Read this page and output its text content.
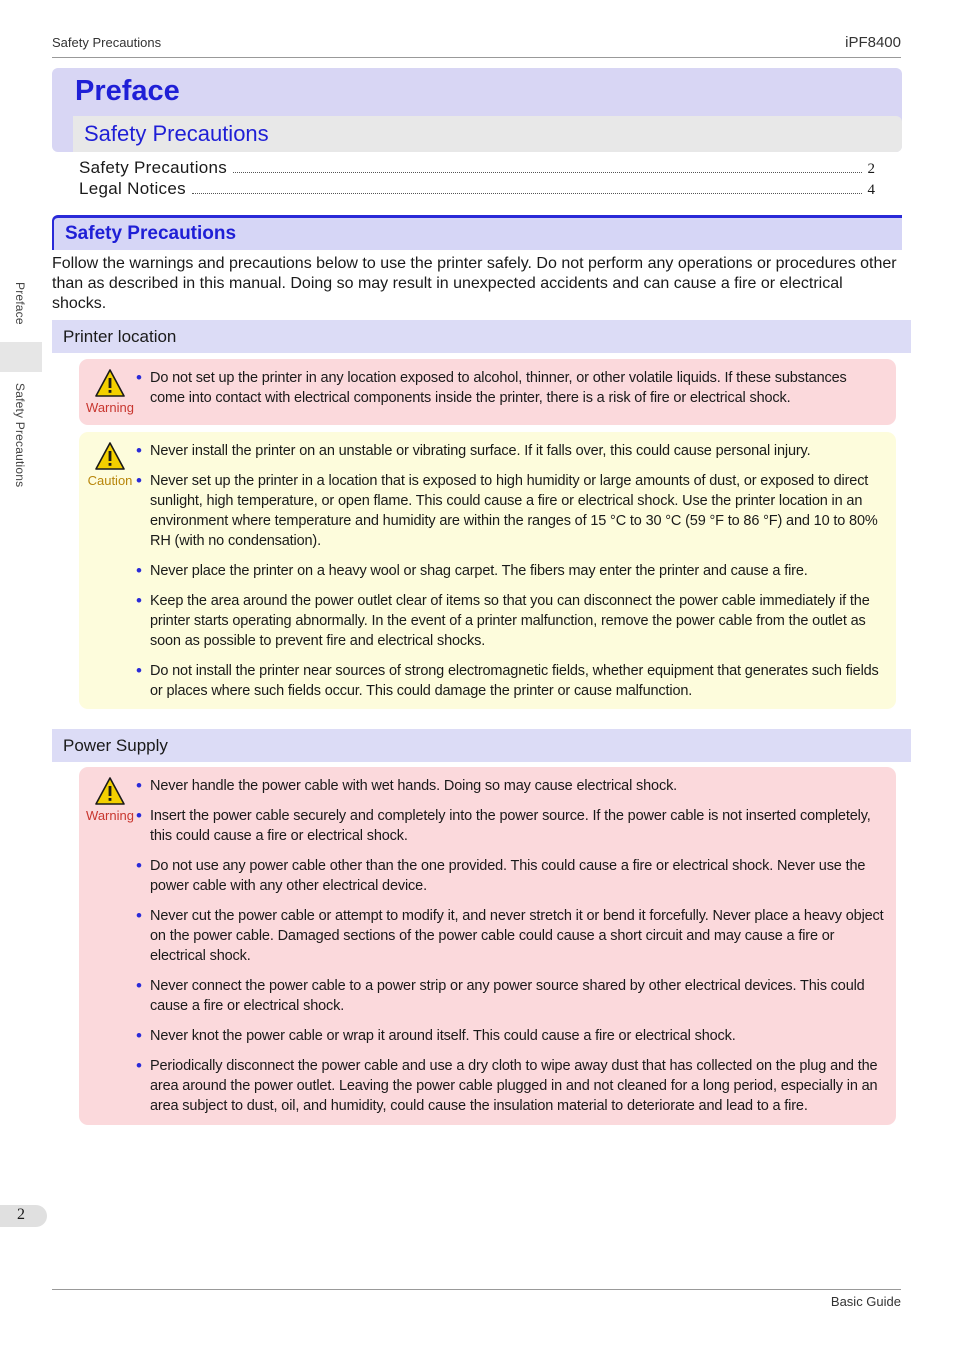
Safety Precautions	iPF8400
Preface
Safety Precautions
Preface
Safety Precautions
Safety Precautions	2
Legal Notices	4
Safety Precautions
Follow the warnings and precautions below to use the printer safely. Do not perform any operations or procedures other than as described in this manual. Doing so may result in unexpected accidents and can cause a fire or electrical shocks.
Printer location
Warning
• Do not set up the printer in any location exposed to alcohol, thinner, or other volatile liquids. If these substances come into contact with electrical components inside the printer, there is a risk of fire or electrical shock.
Caution
• Never install the printer on an unstable or vibrating surface. If it falls over, this could cause personal injury.
• Never set up the printer in a location that is exposed to high humidity or large amounts of dust, or exposed to direct sunlight, high temperature, or open flame. This could cause a fire or electrical shock. Use the printer location in an environment where temperature and humidity are within the ranges of 15 °C to 30 °C (59 °F to 86 °F) and 10 to 80% RH (with no condensation).
• Never place the printer on a heavy wool or shag carpet. The fibers may enter the printer and cause a fire.
• Keep the area around the power outlet clear of items so that you can disconnect the power cable immediately if the printer starts operating abnormally. In the event of a printer malfunction, remove the power cable from the outlet as soon as possible to prevent fire and electrical shocks.
• Do not install the printer near sources of strong electromagnetic fields, whether equipment that generates such fields or places where such fields occur. This could damage the printer or cause malfunction.
Power Supply
Warning
• Never handle the power cable with wet hands. Doing so may cause electrical shock.
• Insert the power cable securely and completely into the power source. If the power cable is not inserted completely, this could cause a fire or electrical shock.
• Do not use any power cable other than the one provided. This could cause a fire or electrical shock. Never use the power cable with any other electrical device.
• Never cut the power cable or attempt to modify it, and never stretch it or bend it forcefully. Never place a heavy object on the power cable. Damaged sections of the power cable could cause a short circuit and may cause a fire or electrical shock.
• Never connect the power cable to a power strip or any power source shared by other electrical devices. This could cause a fire or electrical shock.
• Never knot the power cable or wrap it around itself. This could cause a fire or electrical shock.
• Periodically disconnect the power cable and use a dry cloth to wipe away dust that has collected on the plug and the area around the power outlet. Leaving the power cable plugged in and not cleaned for a long period, especially in an area subject to dust, oil, and humidity, could cause the insulation material to deteriorate and lead to a fire.
2
Basic Guide
